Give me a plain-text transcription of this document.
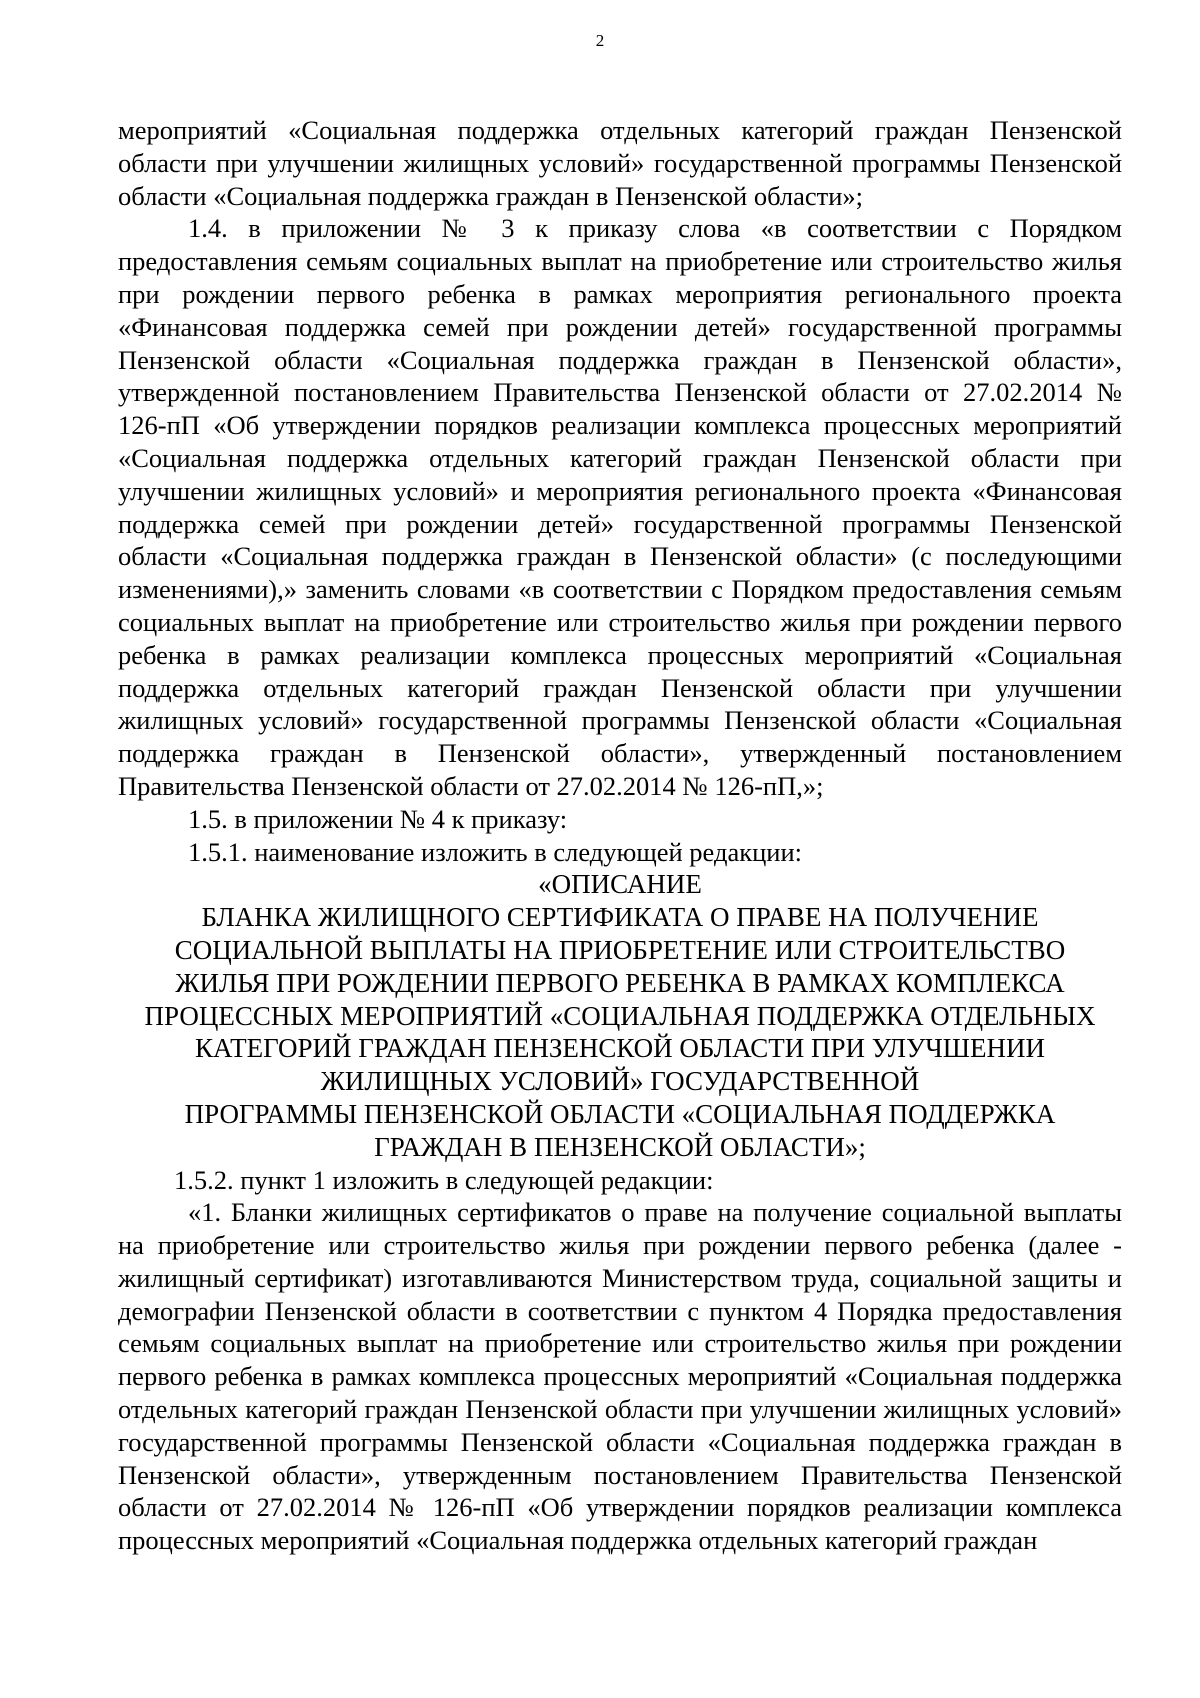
2

мероприятий «Социальная поддержка отдельных категорий граждан Пензенской области при улучшении жилищных условий» государственной программы Пензенской области «Социальная поддержка граждан в Пензенской области»;

1.4. в приложении № 3 к приказу слова «в соответствии с Порядком предоставления семьям социальных выплат на приобретение или строительство жилья при рождении первого ребенка в рамках мероприятия регионального проекта «Финансовая поддержка семей при рождении детей» государственной программы Пензенской области «Социальная поддержка граждан в Пензенской области», утвержденной постановлением Правительства Пензенской области от 27.02.2014 № 126-пП «Об утверждении порядков реализации комплекса процессных мероприятий «Социальная поддержка отдельных категорий граждан Пензенской области при улучшении жилищных условий» и мероприятия регионального проекта «Финансовая поддержка семей при рождении детей» государственной программы Пензенской области «Социальная поддержка граждан в Пензенской области» (с последующими изменениями),» заменить словами «в соответствии с Порядком предоставления семьям социальных выплат на приобретение или строительство жилья при рождении первого ребенка в рамках реализации комплекса процессных мероприятий «Социальная поддержка отдельных категорий граждан Пензенской области при улучшении жилищных условий» государственной программы Пензенской области «Социальная поддержка граждан в Пензенской области», утвержденный постановлением Правительства Пензенской области от 27.02.2014 № 126-пП,»;

1.5. в приложении № 4 к приказу:

1.5.1. наименование изложить в следующей редакции:

«ОПИСАНИЕ
БЛАНКА ЖИЛИЩНОГО СЕРТИФИКАТА О ПРАВЕ НА ПОЛУЧЕНИЕ
СОЦИАЛЬНОЙ ВЫПЛАТЫ НА ПРИОБРЕТЕНИЕ ИЛИ СТРОИТЕЛЬСТВО
ЖИЛЬЯ ПРИ РОЖДЕНИИ ПЕРВОГО РЕБЕНКА В РАМКАХ КОМПЛЕКСА
ПРОЦЕССНЫХ МЕРОПРИЯТИЙ «СОЦИАЛЬНАЯ ПОДДЕРЖКА ОТДЕЛЬНЫХ
КАТЕГОРИЙ ГРАЖДАН ПЕНЗЕНСКОЙ ОБЛАСТИ ПРИ УЛУЧШЕНИИ
ЖИЛИЩНЫХ УСЛОВИЙ» ГОСУДАРСТВЕННОЙ
ПРОГРАММЫ ПЕНЗЕНСКОЙ ОБЛАСТИ «СОЦИАЛЬНАЯ ПОДДЕРЖКА
ГРАЖДАН В ПЕНЗЕНСКОЙ ОБЛАСТИ»;

1.5.2. пункт 1 изложить в следующей редакции:

«1. Бланки жилищных сертификатов о праве на получение социальной выплаты на приобретение или строительство жилья при рождении первого ребенка (далее - жилищный сертификат) изготавливаются Министерством труда, социальной защиты и демографии Пензенской области в соответствии с пунктом 4 Порядка предоставления семьям социальных выплат на приобретение или строительство жилья при рождении первого ребенка в рамках комплекса процессных мероприятий «Социальная поддержка отдельных категорий граждан Пензенской области при улучшении жилищных условий» государственной программы Пензенской области «Социальная поддержка граждан в Пензенской области», утвержденным постановлением Правительства Пензенской области от 27.02.2014 № 126-пП «Об утверждении порядков реализации комплекса процессных мероприятий «Социальная поддержка отдельных категорий граждан
